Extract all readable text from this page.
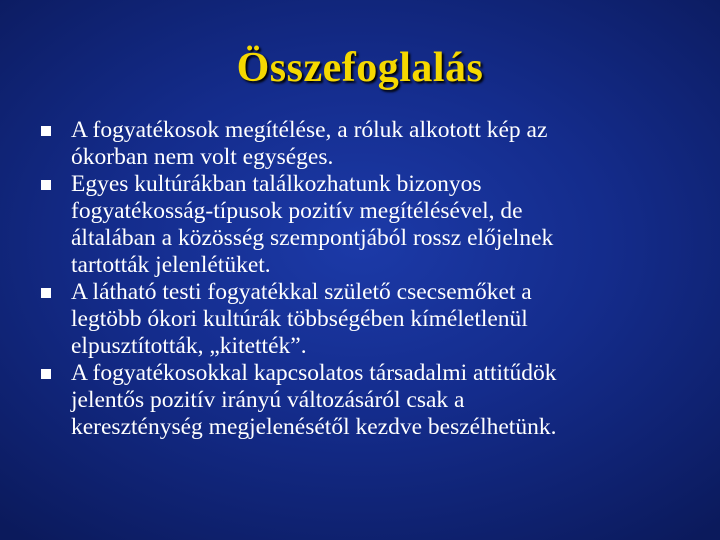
Összefoglalás
A fogyatékosok megítélése, a róluk alkotott kép az
ókorban nem volt egységes.
Egyes kultúrákban találkozhatunk bizonyos
fogyatékosság-típusok pozitív megítélésével, de
általában a közösség szempontjából rossz előjelnek
tartották jelenlétüket.
A látható testi fogyatékkal születő csecsemőket a
legtöbb ókori kultúrák többségében kíméletlenül
elpusztították, „kitették”.
A fogyatékosokkal kapcsolatos társadalmi attitűdök
jelentős pozitív irányú változásáról csak a
kereszténység megjelenésétől kezdve beszélhetünk.
